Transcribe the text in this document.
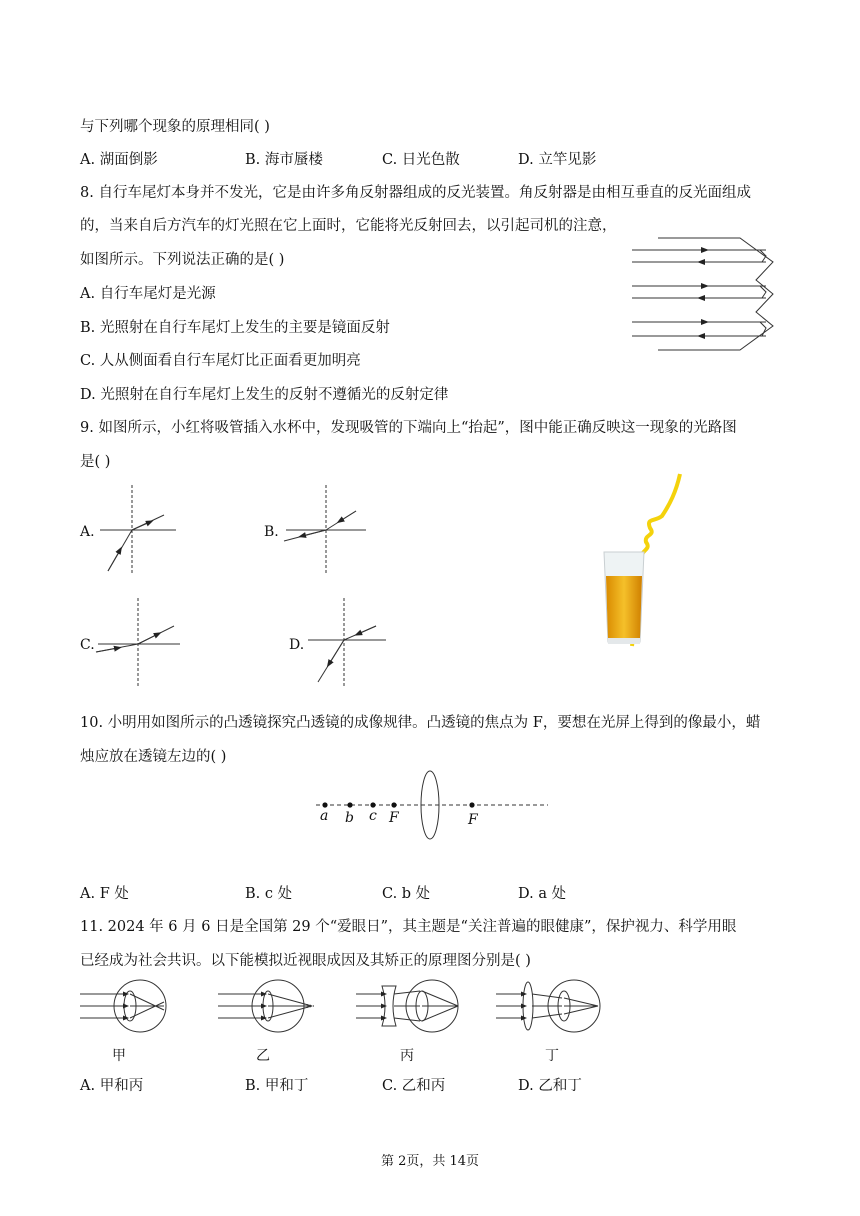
与下列哪个现象的原理相同( )
A. 湖面倒影	B. 海市蜃楼	C. 日光色散	D. 立竿见影
8. 自行车尾灯本身并不发光，它是由许多角反射器组成的反光装置。角反射器是由相互垂直的反光面组成
的，当来自后方汽车的灯光照在它上面时，它能将光反射回去，以引起司机的注意，
如图所示。下列说法正确的是( )
A. 自行车尾灯是光源
B. 光照射在自行车尾灯上发生的主要是镜面反射
C. 人从侧面看自行车尾灯比正面看更加明亮
D. 光照射在自行车尾灯上发生的反射不遵循光的反射定律
9. 如图所示，小红将吸管插入水杯中，发现吸管的下端向上“抬起”，图中能正确反映这一现象的光路图
是( )
A.	B.
C.	D.
10. 小明用如图所示的凸透镜探究凸透镜的成像规律。凸透镜的焦点为 F，要想在光屏上得到的像最小，蜡
烛应放在透镜左边的( )
a b c F	F
A. F 处	B. c 处	C. b 处	D. a 处
11. 2024 年 6 月 6 日是全国第 29 个“爱眼日”，其主题是“关注普遍的眼健康”，保护视力、科学用眼
已经成为社会共识。以下能模拟近视眼成因及其矫正的原理图分别是( )
甲	乙	丙	丁
A. 甲和丙	B. 甲和丁	C. 乙和丙	D. 乙和丁
第 2页，共 14页
